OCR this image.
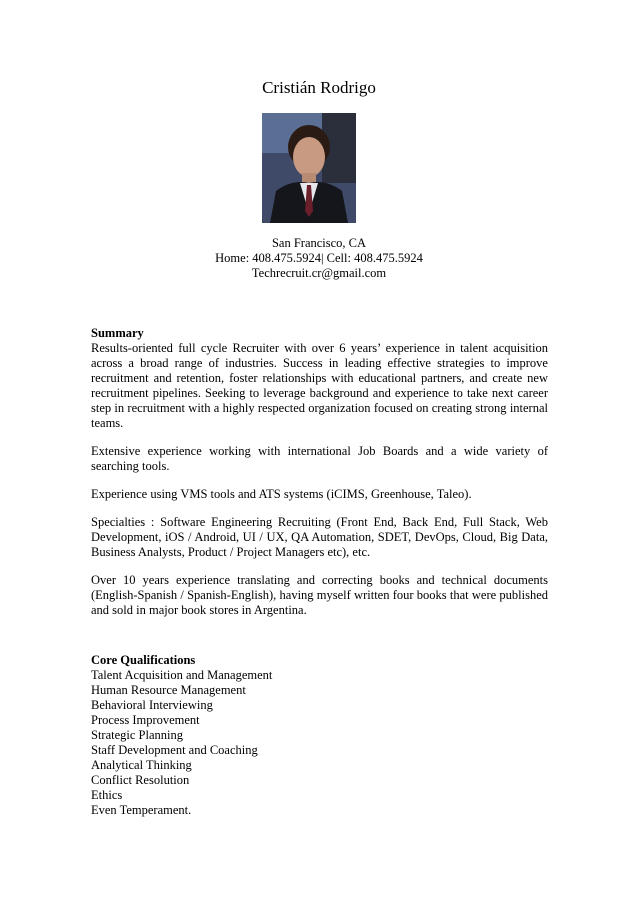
Cristián Rodrigo
San Francisco, CA
Home: 408.475.5924| Cell: 408.475.5924
Techrecruit.cr@gmail.com

Summary

Results-oriented full cycle Recruiter with over 6 years’ experience in talent acquisition across a broad range of industries. Success in leading effective strategies to improve recruitment and retention, foster relationships with educational partners, and create new recruitment pipelines. Seeking to leverage background and experience to take next career step in recruitment with a highly respected organization focused on creating strong internal teams.

Extensive experience working with international Job Boards and a wide variety of searching tools.

Experience using VMS tools and ATS systems (iCIMS, Greenhouse, Taleo).

Specialties : Software Engineering Recruiting (Front End, Back End, Full Stack, Web Development, iOS / Android, UI / UX, QA Automation, SDET, DevOps, Cloud, Big Data, Business Analysts, Product / Project Managers etc), etc.

Over 10 years experience translating and correcting books and technical documents (English-Spanish / Spanish-English), having myself written four books that were published and sold in major book stores in Argentina.

Core Qualifications

Talent Acquisition and Management
Human Resource Management
Behavioral Interviewing
Process Improvement
Strategic Planning
Staff Development and Coaching
Analytical Thinking
Conflict Resolution
Ethics
Even Temperament.
